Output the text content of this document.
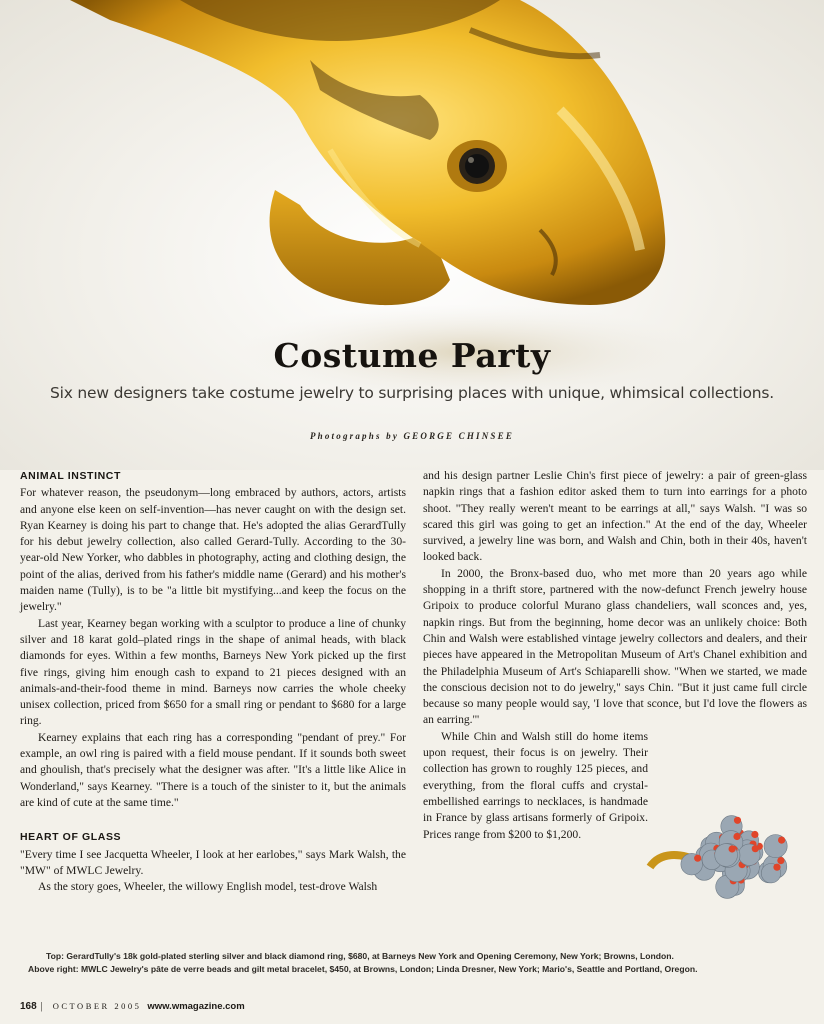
Costume Party
Six new designers take costume jewelry to surprising places with unique, whimsical collections.
Photographs by GEORGE CHINSEE
ANIMAL INSTINCT

For whatever reason, the pseudonym—long embraced by authors, actors, artists and anyone else keen on self-invention—has never caught on with the design set. Ryan Kearney is doing his part to change that. He's adopted the alias GerardTully for his debut jewelry collection, also called Gerard-Tully. According to the 30-year-old New Yorker, who dabbles in photography, acting and clothing design, the point of the alias, derived from his father's middle name (Gerard) and his mother's maiden name (Tully), is to be "a little bit mystifying...and keep the focus on the jewelry."

Last year, Kearney began working with a sculptor to produce a line of chunky silver and 18 karat gold–plated rings in the shape of animal heads, with black diamonds for eyes. Within a few months, Barneys New York picked up the first five rings, giving him enough cash to expand to 21 pieces designed with an animals-and-their-food theme in mind. Barneys now carries the whole cheeky unisex collection, priced from $650 for a small ring or pendant to $680 for a large ring.

Kearney explains that each ring has a corresponding "pendant of prey." For example, an owl ring is paired with a field mouse pendant. If it sounds both sweet and ghoulish, that's precisely what the designer was after. "It's a little like Alice in Wonderland," says Kearney. "There is a touch of the sinister to it, but the animals are kind of cute at the same time."

HEART OF GLASS

"Every time I see Jacquetta Wheeler, I look at her earlobes," says Mark Walsh, the "MW" of MWLC Jewelry.

As the story goes, Wheeler, the willowy English model, test-drove Walsh

and his design partner Leslie Chin's first piece of jewelry: a pair of green-glass napkin rings that a fashion editor asked them to turn into earrings for a photo shoot. "They really weren't meant to be earrings at all," says Walsh. "I was so scared this girl was going to get an infection." At the end of the day, Wheeler survived, a jewelry line was born, and Walsh and Chin, both in their 40s, haven't looked back.

In 2000, the Bronx-based duo, who met more than 20 years ago while shopping in a thrift store, partnered with the now-defunct French jewelry house Gripoix to produce colorful Murano glass chandeliers, wall sconces and, yes, napkin rings. But from the beginning, home decor was an unlikely choice: Both Chin and Walsh were established vintage jewelry collectors and dealers, and their pieces have appeared in the Metropolitan Museum of Art's Chanel exhibition and the Philadelphia Museum of Art's Schiaparelli show. "When we started, we made the conscious decision not to do jewelry," says Chin. "But it just came full circle because so many people would say, 'I love that sconce, but I'd love the flowers as an earring.'"

While Chin and Walsh still do home items upon request, their focus is on jewelry. Their collection has grown to roughly 125 pieces, and everything, from the floral cuffs and crystal-embellished earrings to necklaces, is handmade in France by glass artisans formerly of Gripoix. Prices range from $200 to $1,200.

Top: GerardTully's 18k gold-plated sterling silver and black diamond ring, $680, at Barneys New York and Opening Ceremony, New York; Browns, London.
Above right: MWLC Jewelry's pâte de verre beads and gilt metal bracelet, $450, at Browns, London; Linda Dresner, New York; Mario's, Seattle and Portland, Oregon.
168 | OCTOBER 2005 www.wmagazine.com
